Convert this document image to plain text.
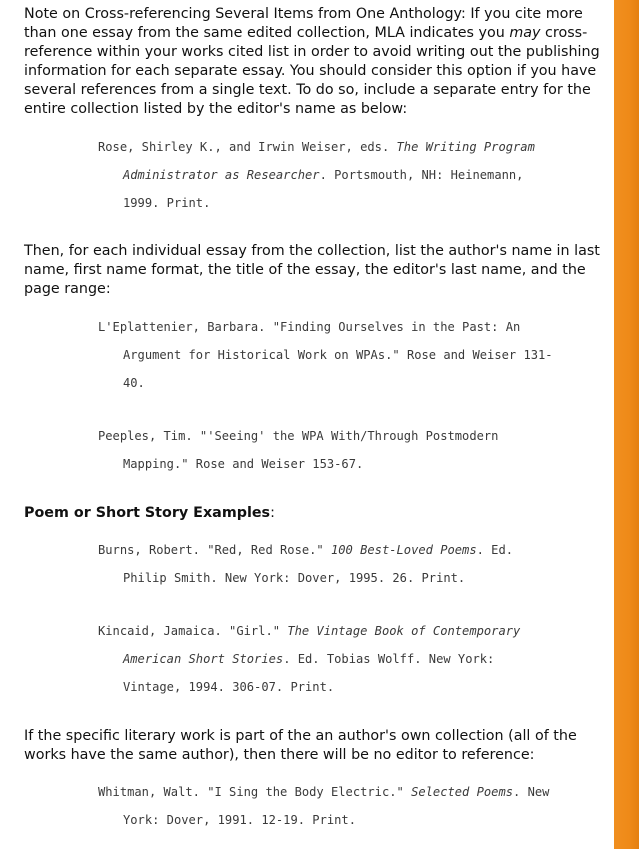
Note on Cross-referencing Several Items from One Anthology: If you cite more than one essay from the same edited collection, MLA indicates you may cross-reference within your works cited list in order to avoid writing out the publishing information for each separate essay. You should consider this option if you have several references from a single text. To do so, include a separate entry for the entire collection listed by the editor's name as below:

Rose, Shirley K., and Irwin Weiser, eds. The Writing Program
Administrator as Researcher. Portsmouth, NH: Heinemann,
1999. Print.

Then, for each individual essay from the collection, list the author's name in last name, first name format, the title of the essay, the editor's last name, and the page range:

L'Eplattenier, Barbara. "Finding Ourselves in the Past: An
Argument for Historical Work on WPAs." Rose and Weiser 131-
40.
Peeples, Tim. "'Seeing' the WPA With/Through Postmodern
Mapping." Rose and Weiser 153-67.

Poem or Short Story Examples:

Burns, Robert. "Red, Red Rose." 100 Best-Loved Poems. Ed.
Philip Smith. New York: Dover, 1995. 26. Print.
Kincaid, Jamaica. "Girl." The Vintage Book of Contemporary
American Short Stories. Ed. Tobias Wolff. New York:
Vintage, 1994. 306-07. Print.

If the specific literary work is part of the an author's own collection (all of the works have the same author), then there will be no editor to reference:

Whitman, Walt. "I Sing the Body Electric." Selected Poems. New
York: Dover, 1991. 12-19. Print.
